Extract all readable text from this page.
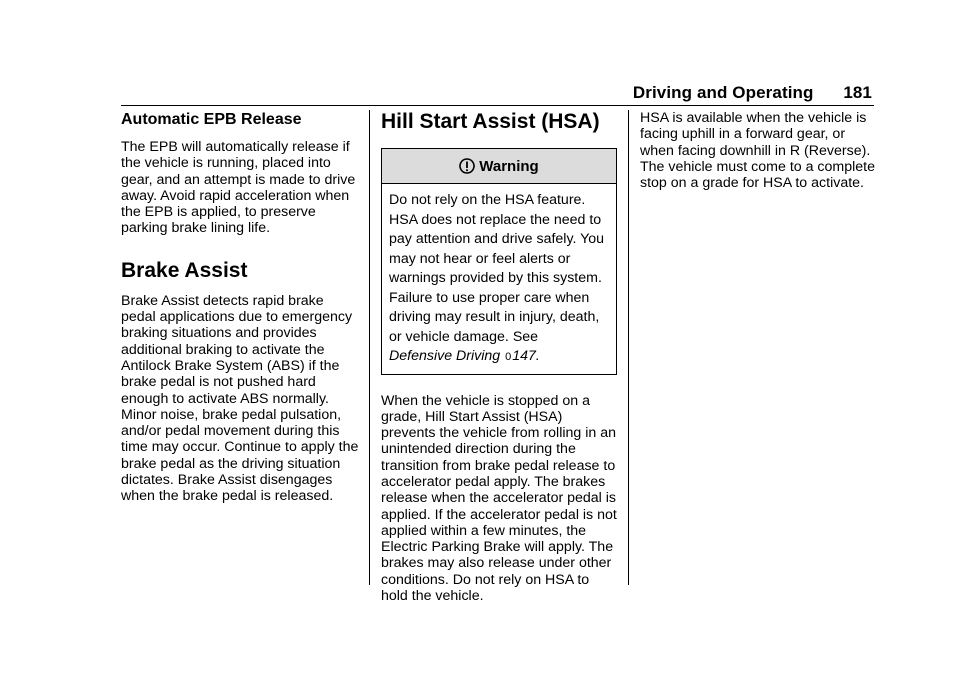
Driving and Operating 181
Automatic EPB Release

The EPB will automatically release if the vehicle is running, placed into gear, and an attempt is made to drive away. Avoid rapid acceleration when the EPB is applied, to preserve parking brake lining life.

Brake Assist

Brake Assist detects rapid brake pedal applications due to emergency braking situations and provides additional braking to activate the Antilock Brake System (ABS) if the brake pedal is not pushed hard enough to activate ABS normally. Minor noise, brake pedal pulsation, and/or pedal movement during this time may occur. Continue to apply the brake pedal as the driving situation dictates. Brake Assist disengages when the brake pedal is released.

Hill Start Assist (HSA)
Warning
Do not rely on the HSA feature. HSA does not replace the need to pay attention and drive safely. You may not hear or feel alerts or warnings provided by this system. Failure to use proper care when driving may result in injury, death, or vehicle damage. See
Defensive Driving 0147.

When the vehicle is stopped on a grade, Hill Start Assist (HSA) prevents the vehicle from rolling in an unintended direction during the transition from brake pedal release to accelerator pedal apply. The brakes release when the accelerator pedal is applied. If the accelerator pedal is not applied within a few minutes, the Electric Parking Brake will apply. The brakes may also release under other conditions. Do not rely on HSA to hold the vehicle.

HSA is available when the vehicle is facing uphill in a forward gear, or when facing downhill in R (Reverse). The vehicle must come to a complete stop on a grade for HSA to activate.
